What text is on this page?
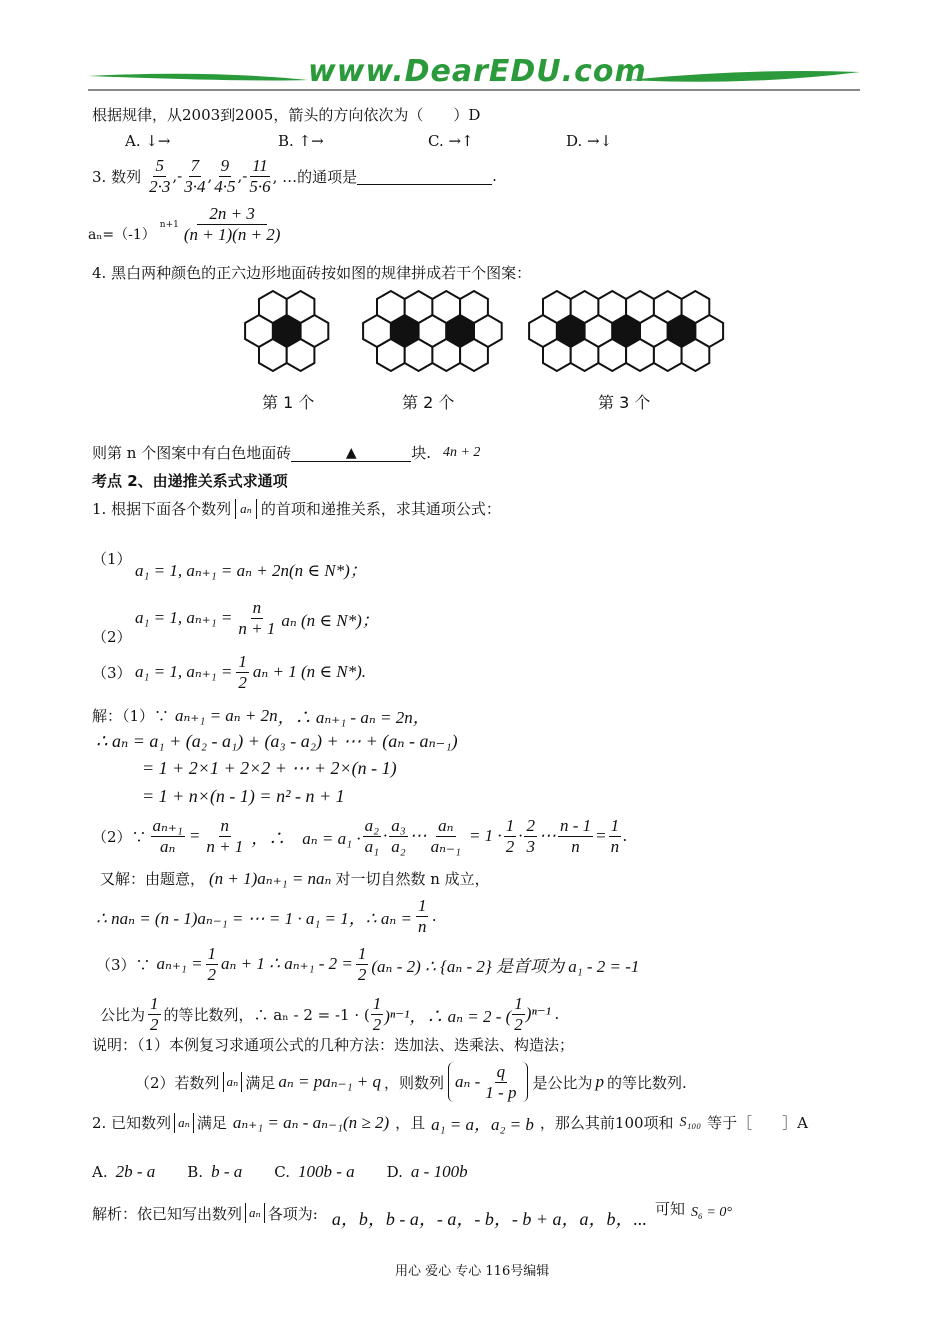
www.DearEDU.com
根据规律，从2003到2005，箭头的方向依次为（　　）D
A. ↓→	B. ↑→	C. →↑	D. →↓
3. 数列 $\frac{5}{2\cdot 3}$ ,- $\frac{7}{3\cdot 4}$ , $\frac{9}{4\cdot 5}$ ,- $\frac{11}{5\cdot 6}$ , …的通项是	.
aₙ=（-1）
$n+1 \frac{2n + 3}{(n + 1)(n + 2)}$
4. 黑白两种颜色的正六边形地面砖按如图的规律拼成若干个图案：
第 1 个	第 2 个	第 3 个
则第 n 个图案中有白色地面砖	▲	块. 4n + 2
考点 2、由递推关系式求通项
1. 根据下面各个数列 aₙ 的首项和递推关系，求其通项公式：
（1）
a₁ = 1, aₙ₊₁ = aₙ + 2n(n ∈ N*)；
（2）
a₁ = 1, $a_{n+1} = \frac{n}{n + 1}$ aₙ (n ∈ N*)；
（3） a₁ = 1, $a_{n+1} = \frac{1}{2}$ aₙ + 1 (n ∈ N*).
解：（1）∵ aₙ₊₁ = aₙ + 2n ，∴ aₙ₊₁ - aₙ = 2n，
∴ aₙ = a₁ + (a₂ - a₁) + (a₃ - a₂) + ⋯ + (aₙ - aₙ₋₁)
= 1 + 2×1 + 2×2 + ⋯ + 2×(n - 1)
= 1 + n×(n - 1) = n² - n + 1
（2）∵ $\frac{\text{aₙ₊₁}}{\text{aₙ}} = \frac{n}{n + 1}$ ，∴　$a_n = a_1 \cdot \frac{\text{a₂}}{\text{a₁}} \cdot \frac{\text{a₃}}{\text{a₂}}$ ⋯ $\frac{\text{aₙ}}{\text{aₙ₋₁}} = 1 \cdot \frac{1}{2} \cdot \frac{2}{3}$ ⋯ $\frac{n - 1}{n} = \frac{1}{n}$ .
又解：由题意， (n + 1)aₙ₊₁ = naₙ 对一切自然数 n 成立，
∴ naₙ = (n - 1)aₙ₋₁ = ⋯ = 1 · a₁ = 1，∴ $a_n = \frac{1}{n}$ .
（3）∵ $a_{n+1} = \frac{1}{2}$ aₙ + 1 ∴ $a_{n+1} - 2 = \frac{1}{2} (a_n - 2)$ ∴ {aₙ - 2} 是首项为 a₁ - 2 = -1
公比为 $\frac{1}{2}$ 的等比数列，∴ aₙ - 2 = -1 · ( $\frac{1}{2} )^{n-1}$，∴ aₙ = 2 - ( $\frac{1}{2} )^{n-1}$ .
说明：（1）本例复习求通项公式的几种方法：迭加法、迭乘法、构造法；
（2）若数列 aₙ 满足 aₙ = paₙ₋₁ + q ，则数列 aₙ - $\frac{q}{1 - p}$ 是公比为 p 的等比数列.
2. 已知数列 aₙ 满足 aₙ₊₁ = aₙ - aₙ₋₁(n ≥ 2) ，且 a₁ = a，a₂ = b ，那么其前100项和 S₁₀₀ 等于［　　］A
A. 2b - a B. b - a C. 100b - a D. a - 100b
解析：依已知写出数列 aₙ 各项为: a，b，b - a，- a，- b，- b + a，a，b，...
可知 S₆ = 0°
用心 爱心 专心 116号编辑
